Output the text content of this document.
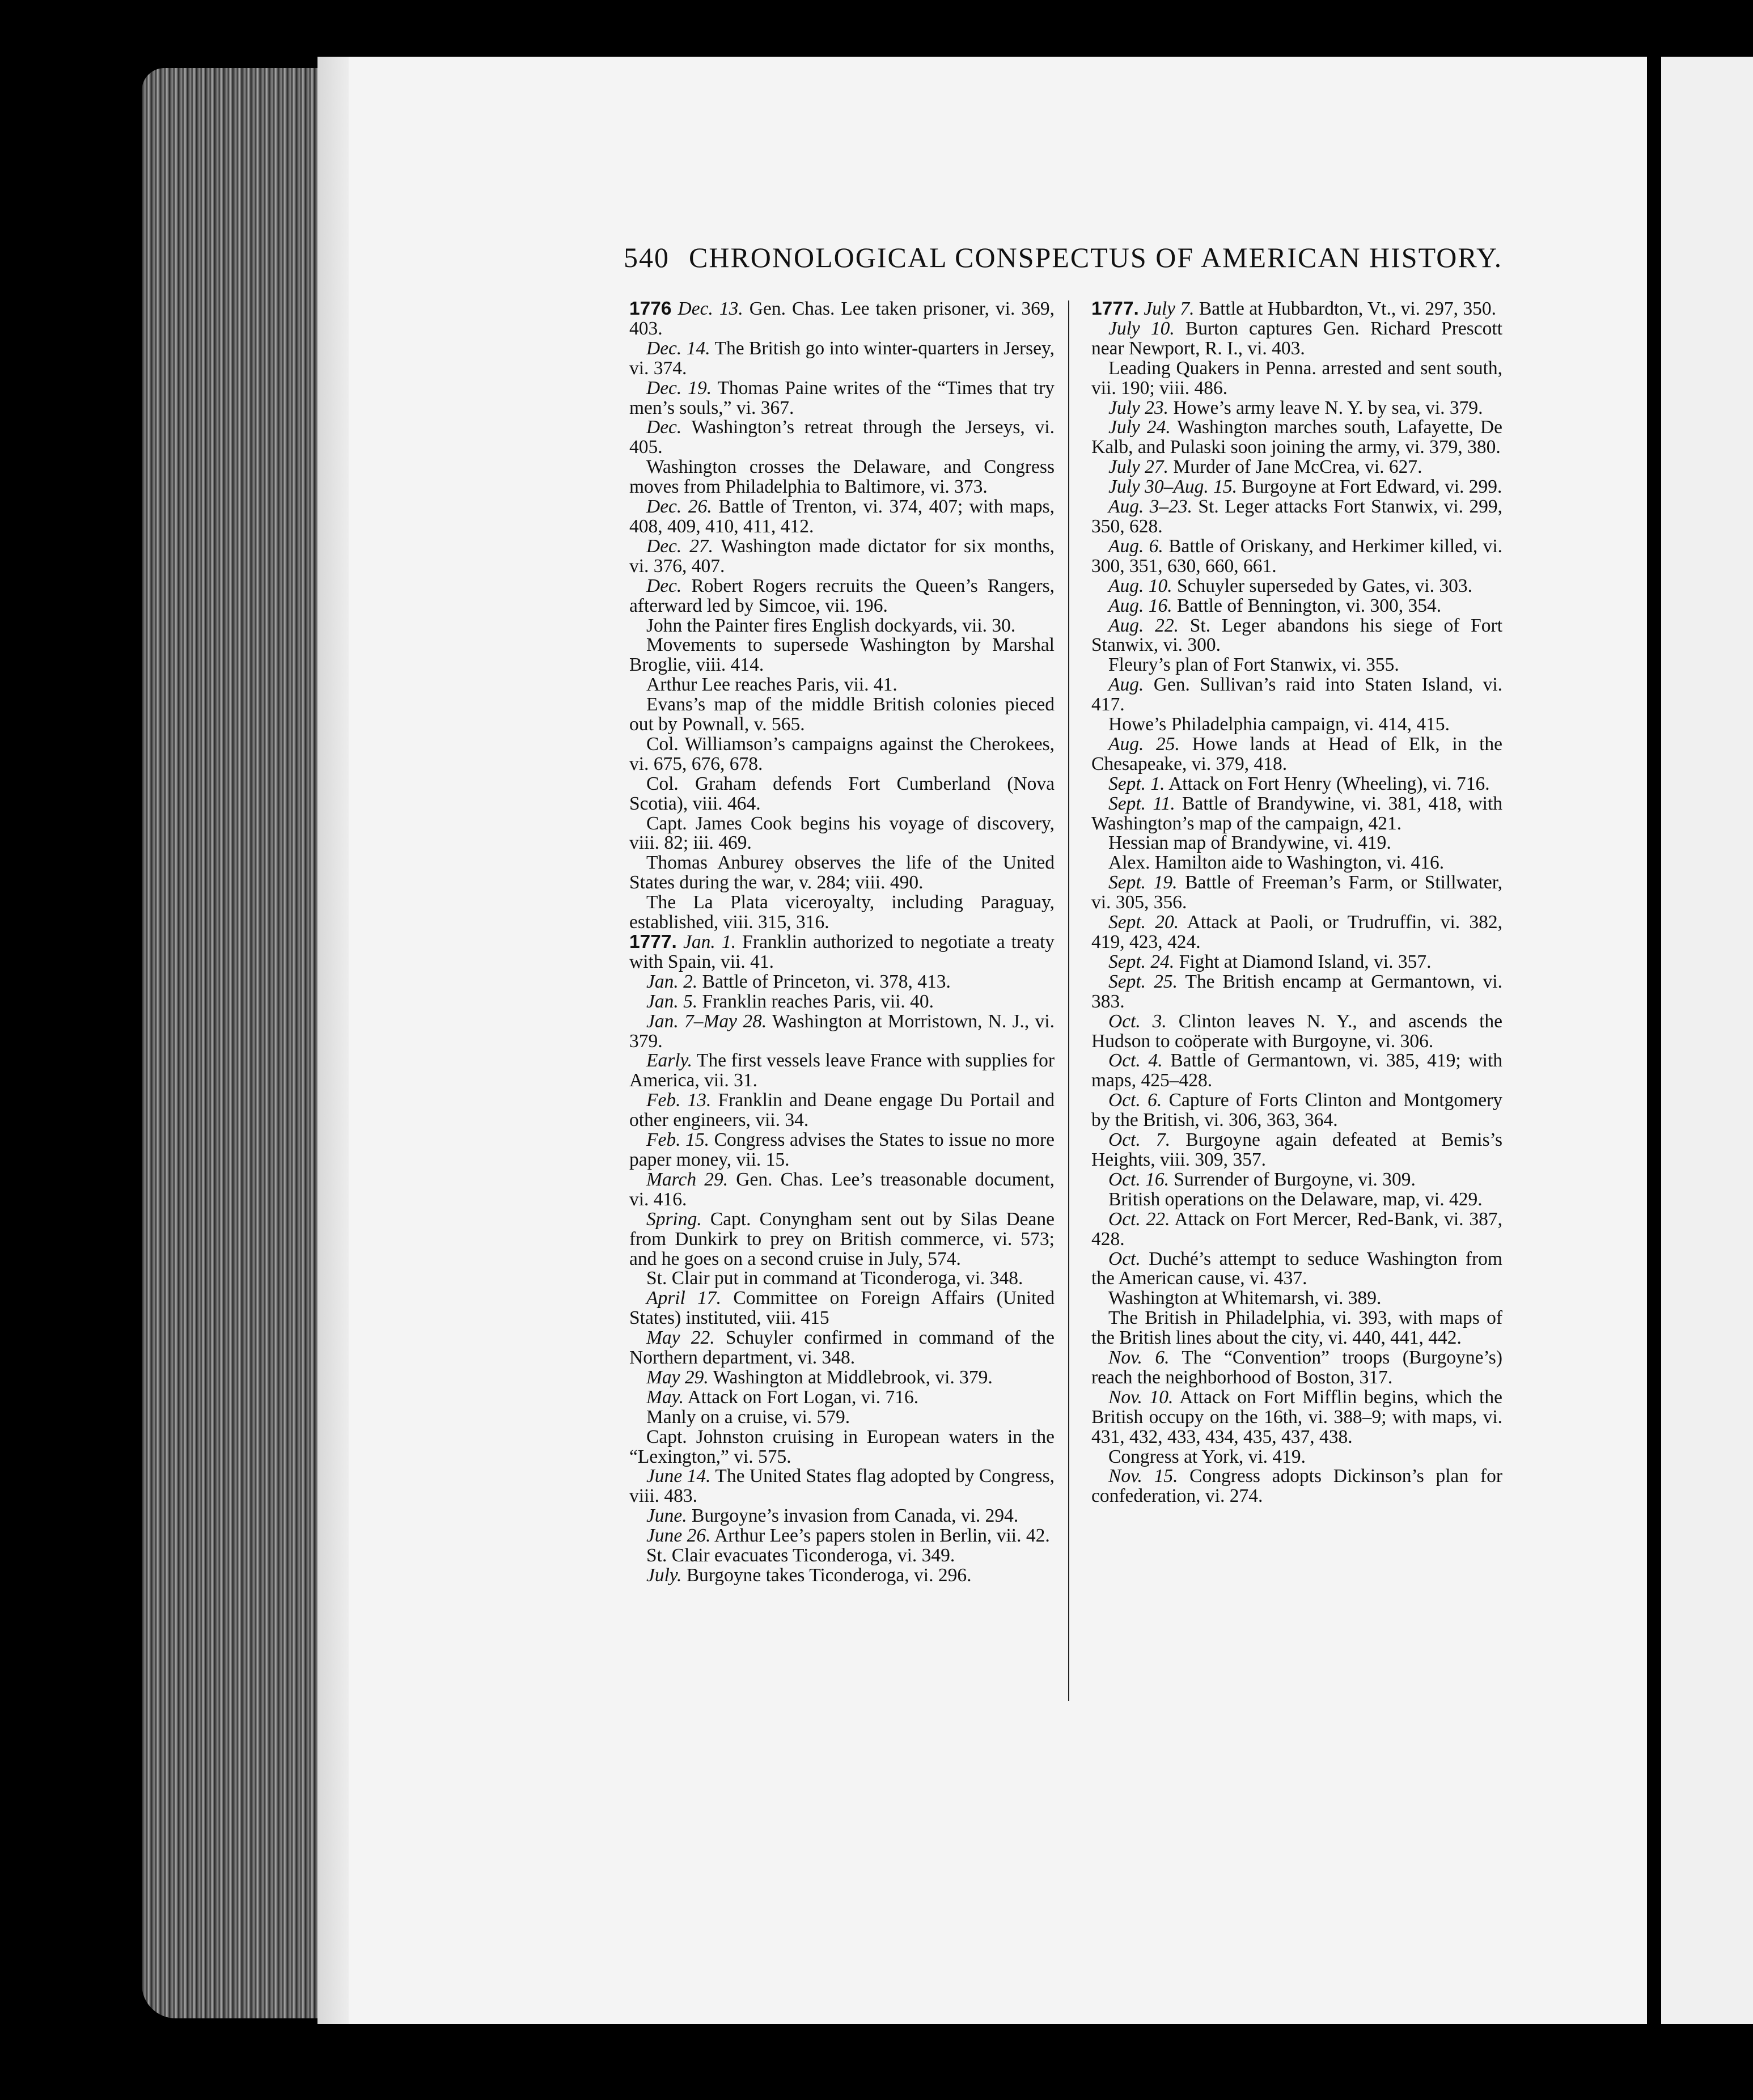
540 CHRONOLOGICAL CONSPECTUS OF AMERICAN HISTORY.
1776 Dec. 13. Gen. Chas. Lee taken prisoner, vi. 369, 403.
Dec. 14. The British go into winter-quarters in Jersey, vi. 374.
Dec. 19. Thomas Paine writes of the “Times that try men’s souls,” vi. 367.
Dec. Washington’s retreat through the Jerseys, vi. 405.
Washington crosses the Delaware, and Congress moves from Philadelphia to Baltimore, vi. 373.
Dec. 26. Battle of Trenton, vi. 374, 407; with maps, 408, 409, 410, 411, 412.
Dec. 27. Washington made dictator for six months, vi. 376, 407.
Dec. Robert Rogers recruits the Queen’s Rangers, afterward led by Simcoe, vii. 196.
John the Painter fires English dockyards, vii. 30.
Movements to supersede Washington by Marshal Broglie, viii. 414.
Arthur Lee reaches Paris, vii. 41.
Evans’s map of the middle British colonies pieced out by Pownall, v. 565.
Col. Williamson’s campaigns against the Cherokees, vi. 675, 676, 678.
Col. Graham defends Fort Cumberland (Nova Scotia), viii. 464.
Capt. James Cook begins his voyage of discovery, viii. 82; iii. 469.
Thomas Anburey observes the life of the United States during the war, v. 284; viii. 490.
The La Plata viceroyalty, including Paraguay, established, viii. 315, 316.
1777. Jan. 1. Franklin authorized to negotiate a treaty with Spain, vii. 41.
Jan. 2. Battle of Princeton, vi. 378, 413.
Jan. 5. Franklin reaches Paris, vii. 40.
Jan. 7–May 28. Washington at Morristown, N. J., vi. 379.
Early. The first vessels leave France with supplies for America, vii. 31.
Feb. 13. Franklin and Deane engage Du Portail and other engineers, vii. 34.
Feb. 15. Congress advises the States to issue no more paper money, vii. 15.
March 29. Gen. Chas. Lee’s treasonable document, vi. 416.
Spring. Capt. Conyngham sent out by Silas Deane from Dunkirk to prey on British commerce, vi. 573; and he goes on a second cruise in July, 574.
St. Clair put in command at Ticonderoga, vi. 348.
April 17. Committee on Foreign Affairs (United States) instituted, viii. 415
May 22. Schuyler confirmed in command of the Northern department, vi. 348.
May 29. Washington at Middlebrook, vi. 379.
May. Attack on Fort Logan, vi. 716.
Manly on a cruise, vi. 579.
Capt. Johnston cruising in European waters in the “Lexington,” vi. 575.
June 14. The United States flag adopted by Congress, viii. 483.
June. Burgoyne’s invasion from Canada, vi. 294.
June 26. Arthur Lee’s papers stolen in Berlin, vii. 42.
St. Clair evacuates Ticonderoga, vi. 349.
July. Burgoyne takes Ticonderoga, vi. 296.
1777. July 7. Battle at Hubbardton, Vt., vi. 297, 350.
July 10. Burton captures Gen. Richard Prescott near Newport, R. I., vi. 403.
Leading Quakers in Penna. arrested and sent south, vii. 190; viii. 486.
July 23. Howe’s army leave N. Y. by sea, vi. 379.
July 24. Washington marches south, Lafayette, De Kalb, and Pulaski soon joining the army, vi. 379, 380.
July 27. Murder of Jane McCrea, vi. 627.
July 30–Aug. 15. Burgoyne at Fort Edward, vi. 299.
Aug. 3–23. St. Leger attacks Fort Stanwix, vi. 299, 350, 628.
Aug. 6. Battle of Oriskany, and Herkimer killed, vi. 300, 351, 630, 660, 661.
Aug. 10. Schuyler superseded by Gates, vi. 303.
Aug. 16. Battle of Bennington, vi. 300, 354.
Aug. 22. St. Leger abandons his siege of Fort Stanwix, vi. 300.
Fleury’s plan of Fort Stanwix, vi. 355.
Aug. Gen. Sullivan’s raid into Staten Island, vi. 417.
Howe’s Philadelphia campaign, vi. 414, 415.
Aug. 25. Howe lands at Head of Elk, in the Chesapeake, vi. 379, 418.
Sept. 1. Attack on Fort Henry (Wheeling), vi. 716.
Sept. 11. Battle of Brandywine, vi. 381, 418, with Washington’s map of the campaign, 421.
Hessian map of Brandywine, vi. 419.
Alex. Hamilton aide to Washington, vi. 416.
Sept. 19. Battle of Freeman’s Farm, or Stillwater, vi. 305, 356.
Sept. 20. Attack at Paoli, or Trudruffin, vi. 382, 419, 423, 424.
Sept. 24. Fight at Diamond Island, vi. 357.
Sept. 25. The British encamp at Germantown, vi. 383.
Oct. 3. Clinton leaves N. Y., and ascends the Hudson to coöperate with Burgoyne, vi. 306.
Oct. 4. Battle of Germantown, vi. 385, 419; with maps, 425–428.
Oct. 6. Capture of Forts Clinton and Montgomery by the British, vi. 306, 363, 364.
Oct. 7. Burgoyne again defeated at Bemis’s Heights, viii. 309, 357.
Oct. 16. Surrender of Burgoyne, vi. 309.
British operations on the Delaware, map, vi. 429.
Oct. 22. Attack on Fort Mercer, Red-Bank, vi. 387, 428.
Oct. Duché’s attempt to seduce Washington from the American cause, vi. 437.
Washington at Whitemarsh, vi. 389.
The British in Philadelphia, vi. 393, with maps of the British lines about the city, vi. 440, 441, 442.
Nov. 6. The “Convention” troops (Burgoyne’s) reach the neighborhood of Boston, 317.
Nov. 10. Attack on Fort Mifflin begins, which the British occupy on the 16th, vi. 388–9; with maps, vi. 431, 432, 433, 434, 435, 437, 438.
Congress at York, vi. 419.
Nov. 15. Congress adopts Dickinson’s plan for confederation, vi. 274.
